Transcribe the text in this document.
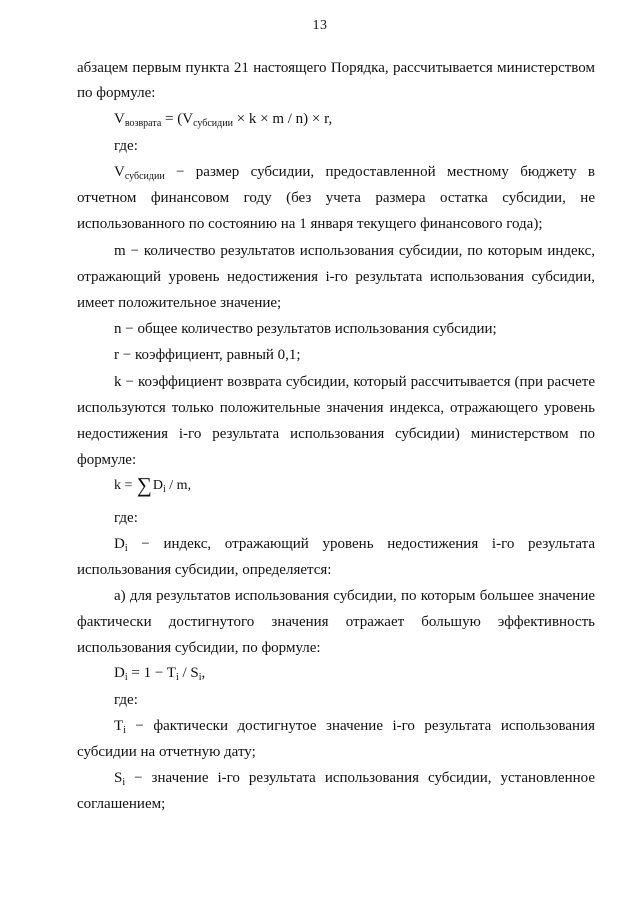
13
абзацем первым пункта 21 настоящего Порядка, рассчитывается министерством
по формуле:
$V_{возврата} = (V_{субсидии} \times k \times m / n) \times r$,
где:
$V_{субсидии}$ − размер субсидии, предоставленной местному бюджету в
отчетном финансовом году (без учета размера остатка субсидии, не
использованного по состоянию на 1 января текущего финансового года);
m − количество результатов использования субсидии, по которым индекс,
отражающий уровень недостижения i-го результата использования субсидии,
имеет положительное значение;
n − общее количество результатов использования субсидии;
r − коэффициент, равный 0,1;
k − коэффициент возврата субсидии, который рассчитывается (при расчете
используются только положительные значения индекса, отражающего уровень
недостижения i-го результата использования субсидии) министерством по
формуле:
$k = \sum D_i / m$,
где:
$D_i$ − индекс, отражающий уровень недостижения i-го результата
использования субсидии, определяется:
а) для результатов использования субсидии, по которым большее значение
фактически достигнутого значения отражает большую эффективность
использования субсидии, по формуле:
$D_i = 1 - T_i / S_i$,
где:
$T_i$ − фактически достигнутое значение i-го результата использования
субсидии на отчетную дату;
$S_i$ − значение i-го результата использования субсидии, установленное
соглашением;
